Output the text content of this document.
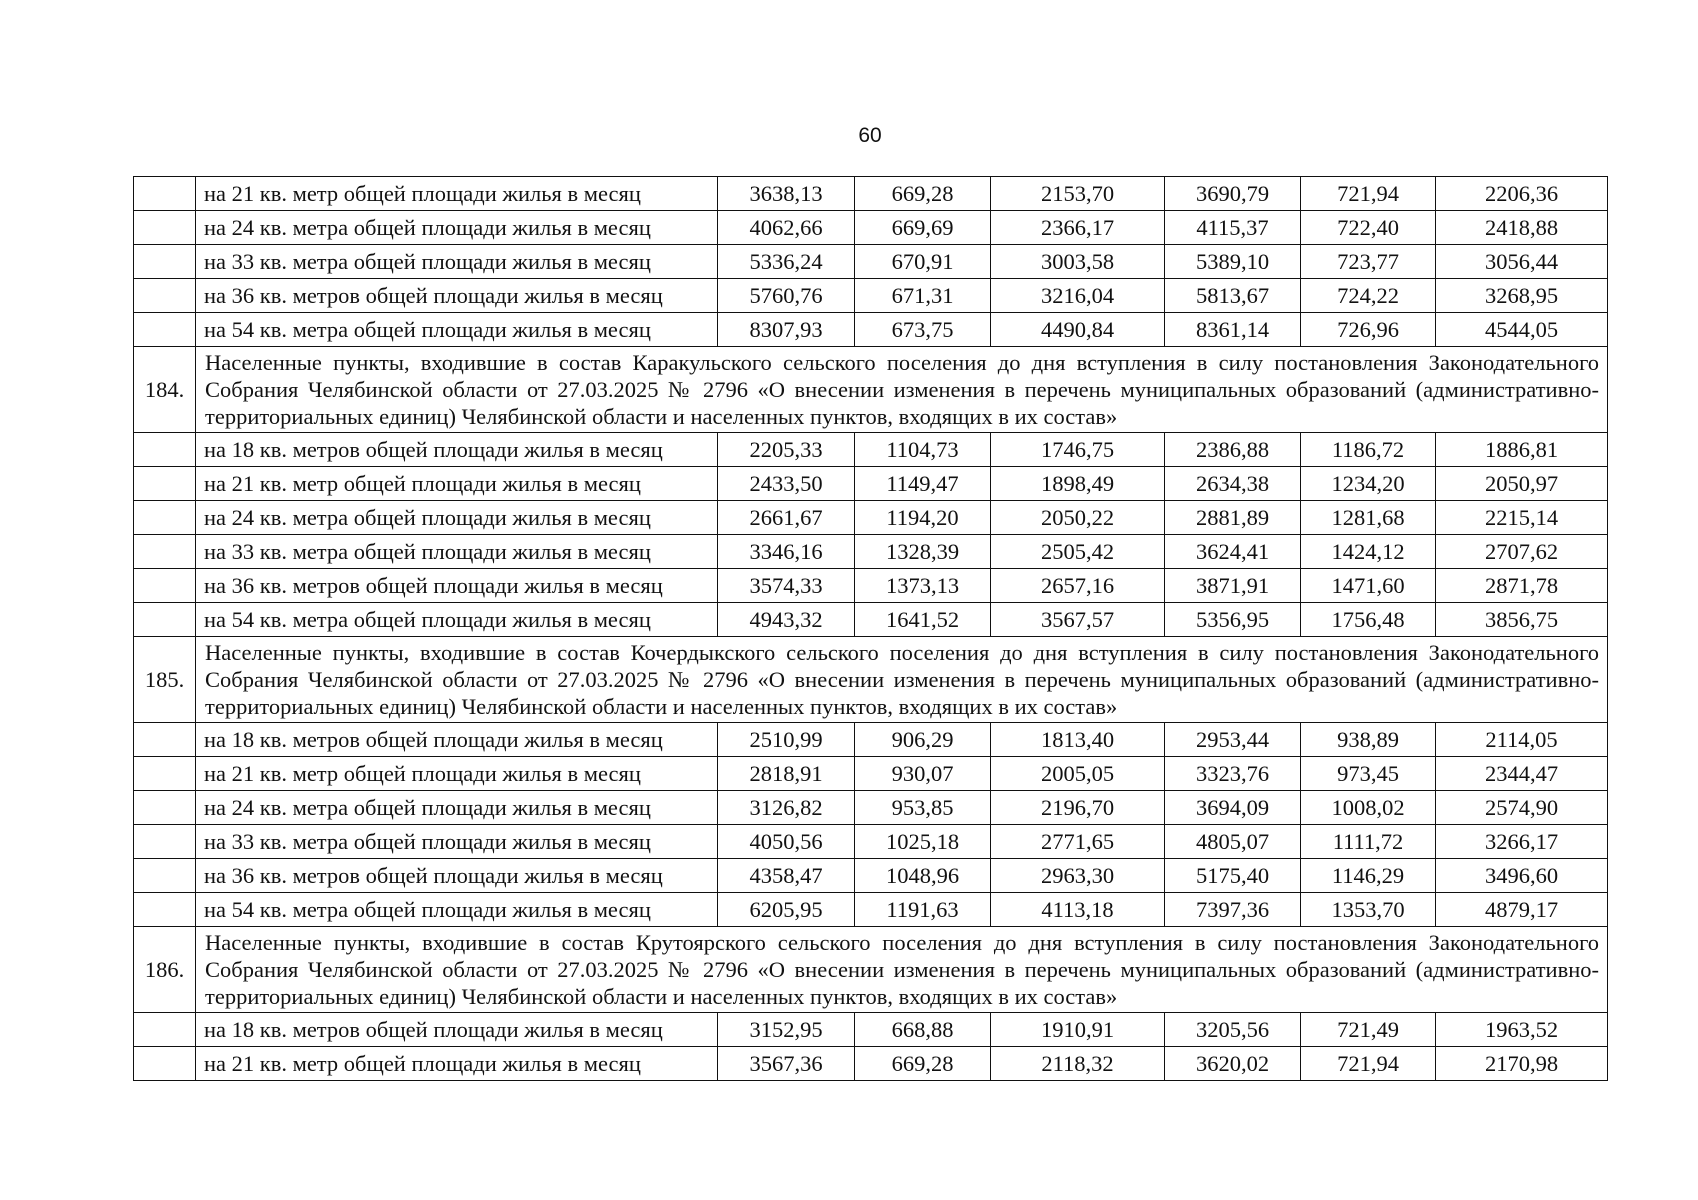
60
	на 21 кв. метр общей площади жилья в месяц	3638,13	669,28	2153,70	3690,79	721,94	2206,36
	на 24 кв. метра общей площади жилья в месяц	4062,66	669,69	2366,17	4115,37	722,40	2418,88
	на 33 кв. метра общей площади жилья в месяц	5336,24	670,91	3003,58	5389,10	723,77	3056,44
	на 36 кв. метров общей площади жилья в месяц	5760,76	671,31	3216,04	5813,67	724,22	3268,95
	на 54 кв. метра общей площади жилья в месяц	8307,93	673,75	4490,84	8361,14	726,96	4544,05
184.	Населенные пункты, входившие в состав Каракульского сельского поселения до дня вступления в силу постановления Законодательного Собрания Челябинской области от 27.03.2025 № 2796 «О внесении изменения в перечень муниципальных образований (административно-территориальных единиц) Челябинской области и населенных пунктов, входящих в их состав»						
	на 18 кв. метров общей площади жилья в месяц	2205,33	1104,73	1746,75	2386,88	1186,72	1886,81
	на 21 кв. метр общей площади жилья в месяц	2433,50	1149,47	1898,49	2634,38	1234,20	2050,97
	на 24 кв. метра общей площади жилья в месяц	2661,67	1194,20	2050,22	2881,89	1281,68	2215,14
	на 33 кв. метра общей площади жилья в месяц	3346,16	1328,39	2505,42	3624,41	1424,12	2707,62
	на 36 кв. метров общей площади жилья в месяц	3574,33	1373,13	2657,16	3871,91	1471,60	2871,78
	на 54 кв. метра общей площади жилья в месяц	4943,32	1641,52	3567,57	5356,95	1756,48	3856,75
185.	Населенные пункты, входившие в состав Кочердыкского сельского поселения до дня вступления в силу постановления Законодательного Собрания Челябинской области от 27.03.2025 № 2796 «О внесении изменения в перечень муниципальных образований (административно-территориальных единиц) Челябинской области и населенных пунктов, входящих в их состав»						
	на 18 кв. метров общей площади жилья в месяц	2510,99	906,29	1813,40	2953,44	938,89	2114,05
	на 21 кв. метр общей площади жилья в месяц	2818,91	930,07	2005,05	3323,76	973,45	2344,47
	на 24 кв. метра общей площади жилья в месяц	3126,82	953,85	2196,70	3694,09	1008,02	2574,90
	на 33 кв. метра общей площади жилья в месяц	4050,56	1025,18	2771,65	4805,07	1111,72	3266,17
	на 36 кв. метров общей площади жилья в месяц	4358,47	1048,96	2963,30	5175,40	1146,29	3496,60
	на 54 кв. метра общей площади жилья в месяц	6205,95	1191,63	4113,18	7397,36	1353,70	4879,17
186.	Населенные пункты, входившие в состав Крутоярского сельского поселения до дня вступления в силу постановления Законодательного Собрания Челябинской области от 27.03.2025 № 2796 «О внесении изменения в перечень муниципальных образований (административно-территориальных единиц) Челябинской области и населенных пунктов, входящих в их состав»						
	на 18 кв. метров общей площади жилья в месяц	3152,95	668,88	1910,91	3205,56	721,49	1963,52
	на 21 кв. метр общей площади жилья в месяц	3567,36	669,28	2118,32	3620,02	721,94	2170,98
